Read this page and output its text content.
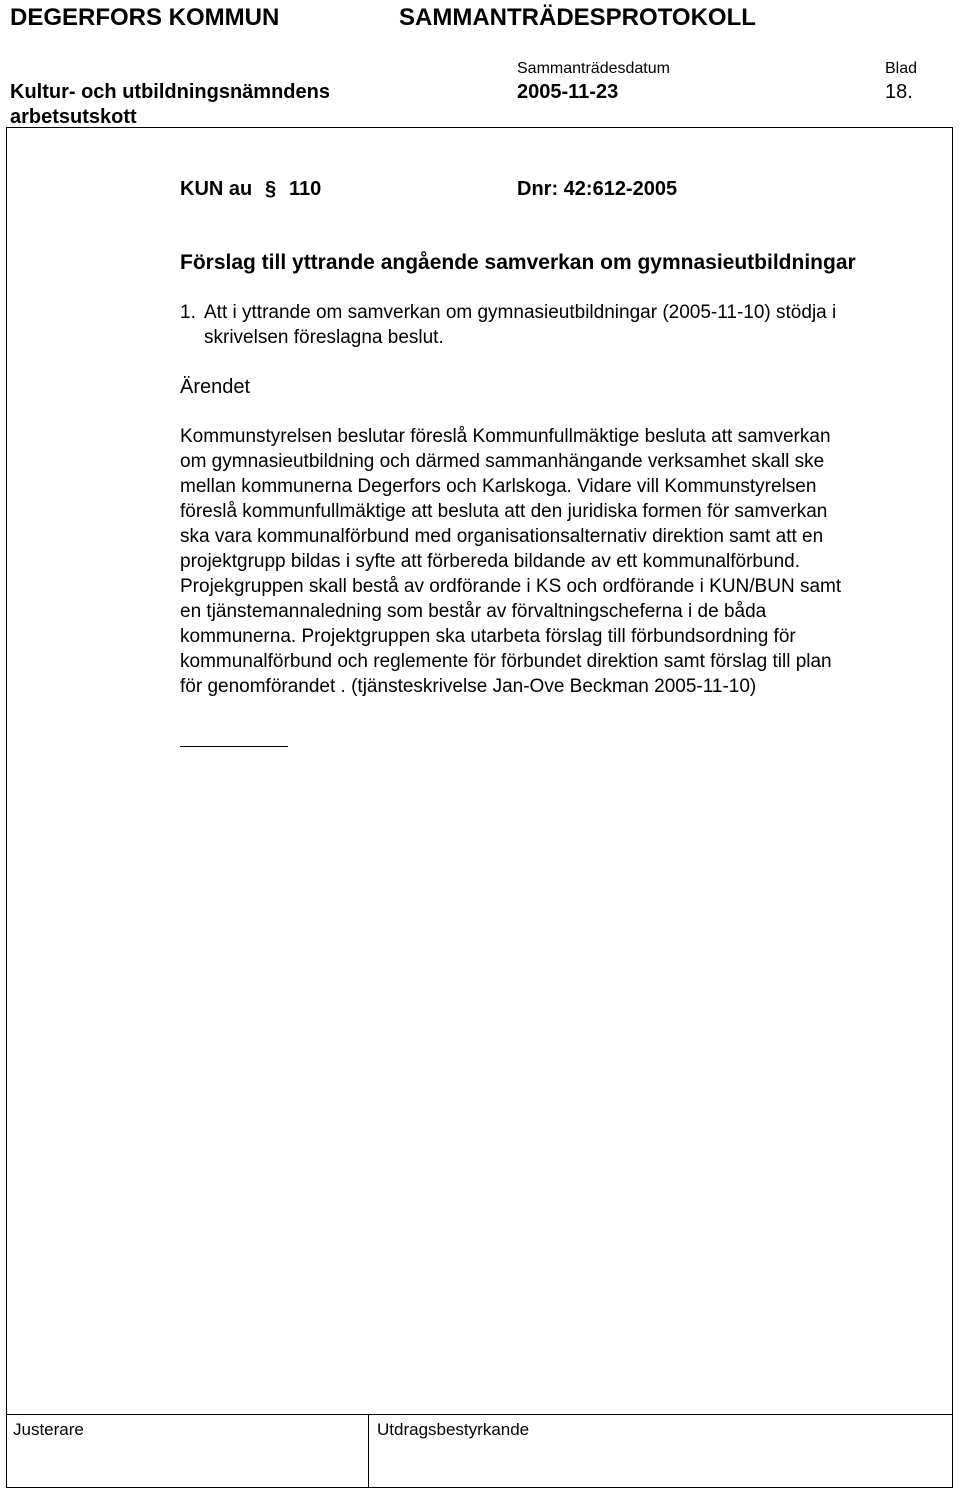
DEGERFORS KOMMUN	SAMMANTRÄDESPROTOKOLL
Sammanträdesdatum	Blad
Kultur- och utbildningsnämndens
arbetsutskott
2005-11-23	18.
KUN au § 110	Dnr: 42:612-2005
Förslag till yttrande angående samverkan om gymnasieutbildningar
1. Att i yttrande om samverkan om gymnasieutbildningar (2005-11-10) stödja i
skrivelsen föreslagna beslut.
Ärendet
Kommunstyrelsen beslutar föreslå Kommunfullmäktige besluta att samverkan
om gymnasieutbildning och därmed sammanhängande verksamhet skall ske
mellan kommunerna Degerfors och Karlskoga. Vidare vill Kommunstyrelsen
föreslå kommunfullmäktige att besluta att den juridiska formen för samverkan
ska vara kommunalförbund med organisationsalternativ direktion samt att en
projektgrupp bildas i syfte att förbereda bildande av ett kommunalförbund.
Projekgruppen skall bestå av ordförande i KS och ordförande i KUN/BUN samt
en tjänstemannaledning som består av förvaltningscheferna i de båda
kommunerna. Projektgruppen ska utarbeta förslag till förbundsordning för
kommunalförbund och reglemente för förbundet direktion samt förslag till plan
för genomförandet . (tjänsteskrivelse Jan-Ove Beckman 2005-11-10)
Justerare	Utdragsbestyrkande
